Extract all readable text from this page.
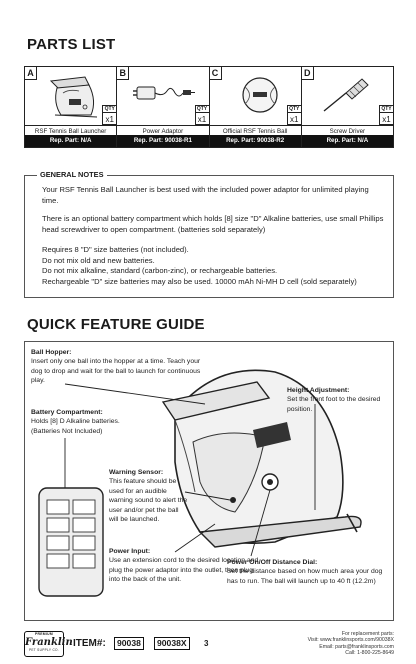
PARTS LIST
A
QTY
x1
RSF Tennis Ball Launcher
Rep. Part: N/A
B
QTY
x1
Power Adaptor
Rep. Part: 90038-R1
C
QTY
x1
Official RSF Tennis Ball
Rep. Part: 90038-R2
D
QTY
x1
Screw Driver
Rep. Part: N/A
GENERAL NOTES

Your RSF Tennis Ball Launcher is best used with the included power adaptor for unlimited playing time.

There is an optional battery compartment which holds [8] size "D" Alkaline batteries, use small Phillips head screwdriver to open compartment. (batteries sold separately)

Requires 8 "D" size batteries (not included).
Do not mix old and new batteries.
Do not mix alkaline, standard (carbon-zinc), or rechargeable batteries.
Rechargeable "D" size batteries may also be used. 10000 mAh Ni-MH D cell (sold separately)

QUICK FEATURE GUIDE
Ball Hopper:
Insert only one ball into the hopper at a time. Teach your dog to drop and wait for the ball to launch for continuous play.
Battery Compartment:
Holds [8] D Alkaline batteries. (Batteries Not Included)
Warning Sensor:
This feature should be used for an audible warning sound to alert the user and/or pet the ball will be launched.
Power Input:
Use an extension cord to the desired location and plug the power adaptor into the outlet, then plug into the back of the unit.
Height Adjustment:
Set the front foot to the desired position.
Power On/Off Distance Dial:
Set the distance based on how much area your dog has to run. The ball will launch up to 40 ft (12.2m)
PREMIUM
Franklin
PET SUPPLY CO.
ITEM#:	90038	90038X	3
For replacement parts:
Visit: www.franklinsports.com/90038X
Email: parts@franklinsports.com
Call: 1-800-225-8649
